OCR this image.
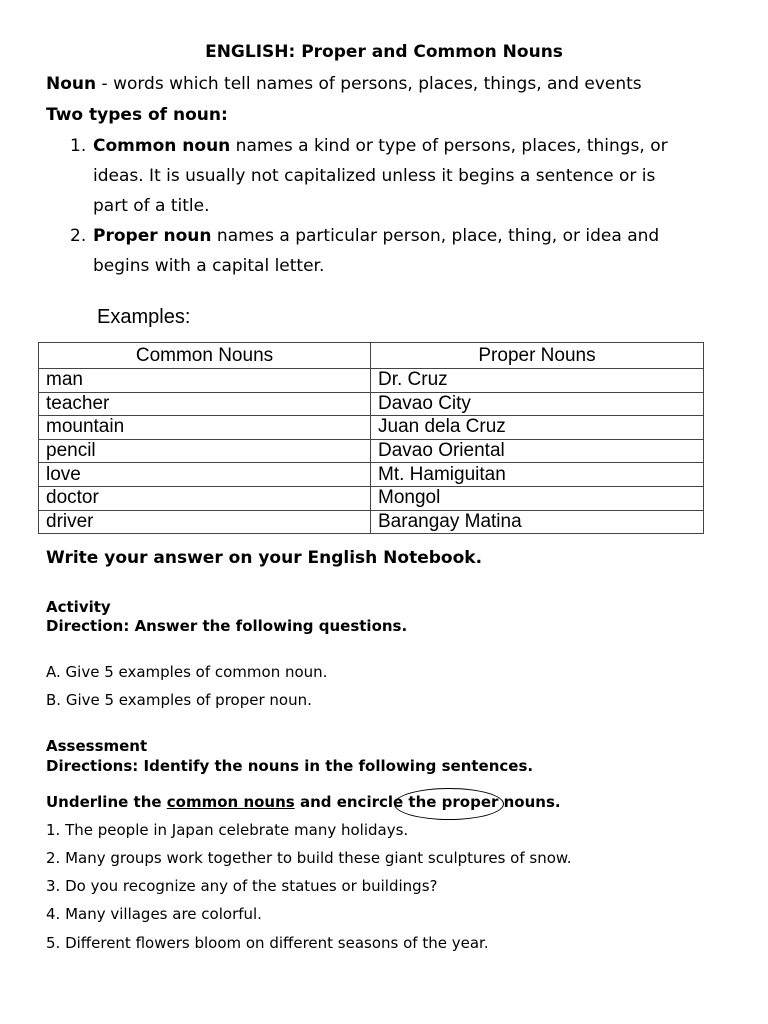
ENGLISH: Proper and Common Nouns
Noun - words which tell names of persons, places, things, and events
Two types of noun:
1. Common noun names a kind or type of persons, places, things, or
ideas. It is usually not capitalized unless it begins a sentence or is
part of a title.
2. Proper noun names a particular person, place, thing, or idea and
begins with a capital letter.
Examples:
Common Nouns	Proper Nouns
man	Dr. Cruz
teacher	Davao City
mountain	Juan dela Cruz
pencil	Davao Oriental
love	Mt. Hamiguitan
doctor	Mongol
driver	Barangay Matina
Write your answer on your English Notebook.
Activity
Direction: Answer the following questions.
A. Give 5 examples of common noun.
B. Give 5 examples of proper noun.
Assessment
Directions: Identify the nouns in the following sentences.
Underline the common nouns and encircle the proper nouns.
1. The people in Japan celebrate many holidays.
2. Many groups work together to build these giant sculptures of snow.
3. Do you recognize any of the statues or buildings?
4. Many villages are colorful.
5. Different flowers bloom on different seasons of the year.
